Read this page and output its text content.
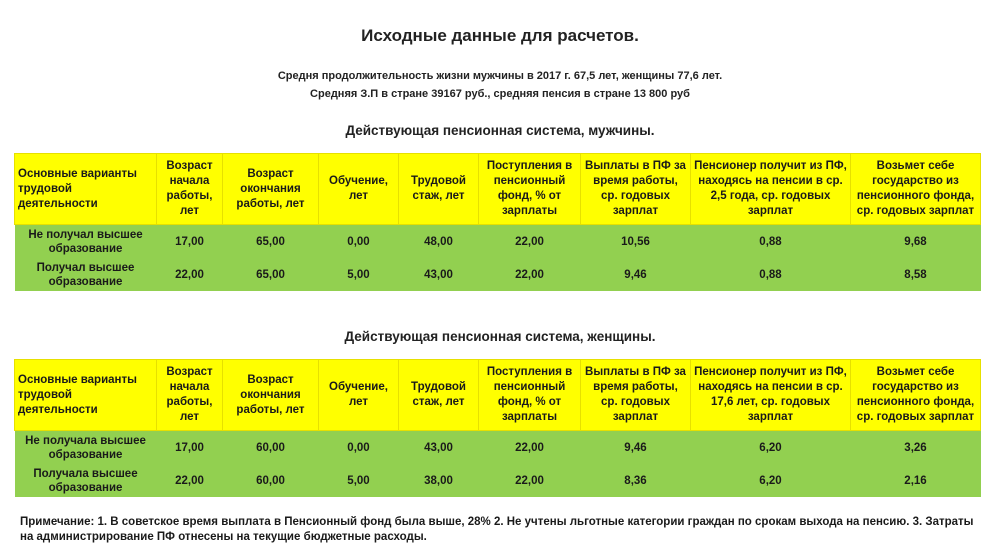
Исходные данные для расчетов.
Средня продолжительность жизни мужчины в 2017 г. 67,5 лет, женщины 77,6 лет.
Средняя З.П в стране 39167 руб., средняя пенсия в стране 13 800 руб
Действующая пенсионная система, мужчины.
Основные варианты трудовой деятельности	Возраст начала работы, лет	Возраст окончания работы, лет	Обучение, лет	Трудовой стаж, лет	Поступления в пенсионный фонд, % от зарплаты	Выплаты в ПФ за время работы, ср. годовых зарплат	Пенсионер получит из ПФ, находясь на пенсии в ср. 2,5 года, ср. годовых зарплат	Возьмет себе государство из пенсионного фонда, ср. годовых зарплат
Не получал высшее образование	17,00	65,00	0,00	48,00	22,00	10,56	0,88	9,68
Получал высшее образование	22,00	65,00	5,00	43,00	22,00	9,46	0,88	8,58
Действующая пенсионная система, женщины.
Основные варианты трудовой деятельности	Возраст начала работы, лет	Возраст окончания работы, лет	Обучение, лет	Трудовой стаж, лет	Поступления в пенсионный фонд, % от зарплаты	Выплаты в ПФ за время работы, ср. годовых зарплат	Пенсионер получит из ПФ, находясь на пенсии в ср. 17,6 лет, ср. годовых зарплат	Возьмет себе государство из пенсионного фонда, ср. годовых зарплат
Не получала высшее образование	17,00	60,00	0,00	43,00	22,00	9,46	6,20	3,26
Получала высшее образование	22,00	60,00	5,00	38,00	22,00	8,36	6,20	2,16
Примечание: 1. В советское время выплата в Пенсионный фонд была выше, 28% 2. Не учтены льготные категории граждан по срокам выхода на пенсию. 3. Затраты на администрирование ПФ отнесены на текущие бюджетные расходы.
